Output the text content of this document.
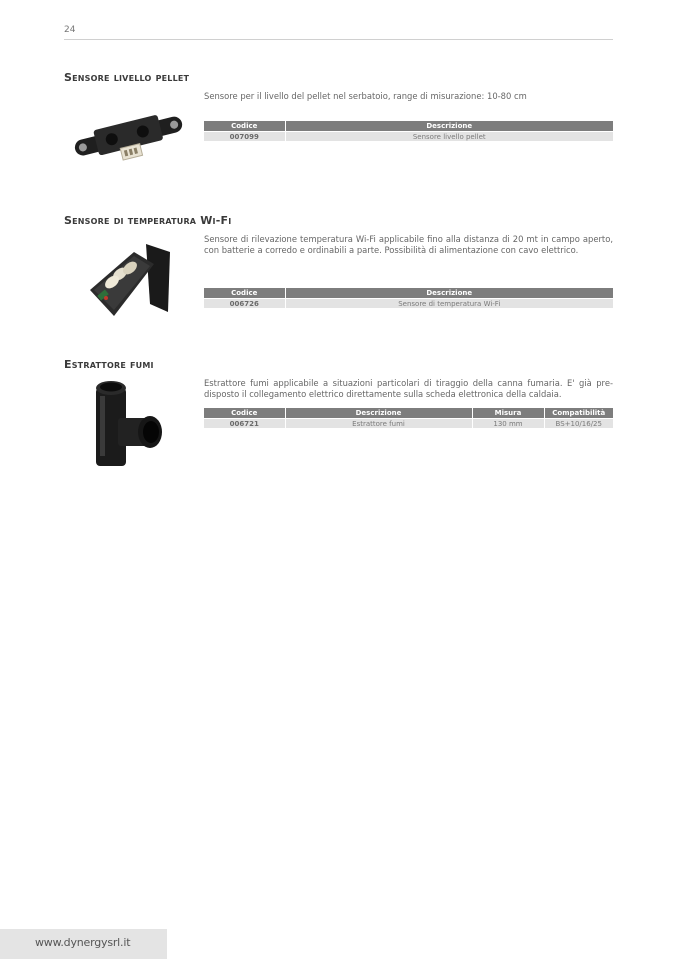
24
Sensore livello pellet

Sensore per il livello del pellet nel serbatoio, range di misurazione: 10-80 cm

Codice	Descrizione
007099	Sensore livello pellet
Sensore di temperatura Wi-Fi

Sensore di rilevazione temperatura Wi-Fi applicabile fino alla distanza di 20 mt in campo aperto, con batterie a corredo e ordinabili a parte. Possibilità di alimentazione con cavo elettrico.

Codice	Descrizione
006726	Sensore di temperatura Wi-Fi
Estrattore fumi

Estrattore fumi applicabile a situazioni particolari di tiraggio della canna fumaria. E' già pre-disposto il collegamento elettrico direttamente sulla scheda elettronica della caldaia.

Codice	Descrizione	Misura	Compatibilità
006721	Estrattore fumi	130 mm	BS+10/16/25
www.dynergysrl.it
